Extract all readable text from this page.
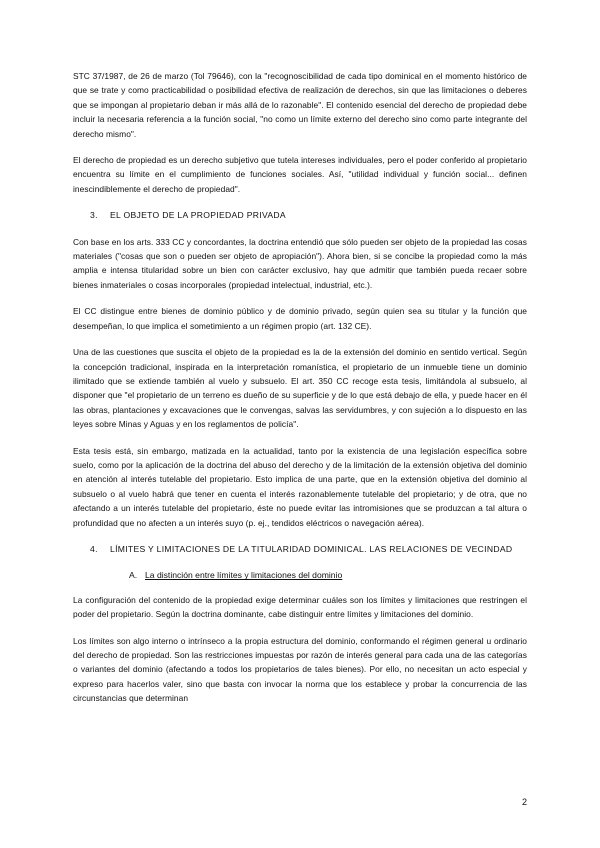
STC 37/1987, de 26 de marzo (Tol 79646), con la "recognoscibilidad de cada tipo dominical en el momento histórico de que se trate y como practicabilidad o posibilidad efectiva de realización de derechos, sin que las limitaciones o deberes que se impongan al propietario deban ir más allá de lo razonable". El contenido esencial del derecho de propiedad debe incluir la necesaria referencia a la función social, "no como un límite externo del derecho sino como parte integrante del derecho mismo".

El derecho de propiedad es un derecho subjetivo que tutela intereses individuales, pero el poder conferido al propietario encuentra su límite en el cumplimiento de funciones sociales. Así, "utilidad individual y función social... definen inescindiblemente el derecho de propiedad".

3.	EL OBJETO DE LA PROPIEDAD PRIVADA

Con base en los arts. 333 CC y concordantes, la doctrina entendió que sólo pueden ser objeto de la propiedad las cosas materiales ("cosas que son o pueden ser objeto de apropiación"). Ahora bien, si se concibe la propiedad como la más amplia e intensa titularidad sobre un bien con carácter exclusivo, hay que admitir que también pueda recaer sobre bienes inmateriales o cosas incorporales (propiedad intelectual, industrial, etc.).

El CC distingue entre bienes de dominio público y de dominio privado, según quien sea su titular y la función que desempeñan, lo que implica el sometimiento a un régimen propio (art. 132 CE).

Una de las cuestiones que suscita el objeto de la propiedad es la de la extensión del dominio en sentido vertical. Según la concepción tradicional, inspirada en la interpretación romanística, el propietario de un inmueble tiene un dominio ilimitado que se extiende también al vuelo y subsuelo. El art. 350 CC recoge esta tesis, limitándola al subsuelo, al disponer que "el propietario de un terreno es dueño de su superficie y de lo que está debajo de ella, y puede hacer en él las obras, plantaciones y excavaciones que le convengas, salvas las servidumbres, y con sujeción a lo dispuesto en las leyes sobre Minas y Aguas y en los reglamentos de policía".

Esta tesis está, sin embargo, matizada en la actualidad, tanto por la existencia de una legislación específica sobre suelo, como por la aplicación de la doctrina del abuso del derecho y de la limitación de la extensión objetiva del dominio en atención al interés tutelable del propietario. Esto implica de una parte, que en la extensión objetiva del dominio al subsuelo o al vuelo habrá que tener en cuenta el interés razonablemente tutelable del propietario; y de otra, que no afectando a un interés tutelable del propietario, éste no puede evitar las intromisiones que se produzcan a tal altura o profundidad que no afecten a un interés suyo (p. ej., tendidos eléctricos o navegación aérea).

4.	LÍMITES Y LIMITACIONES DE LA TITULARIDAD DOMINICAL. LAS RELACIONES DE VECINDAD
A. La distinción entre límites y limitaciones del dominio

La configuración del contenido de la propiedad exige determinar cuáles son los límites y limitaciones que restringen el poder del propietario. Según la doctrina dominante, cabe distinguir entre límites y limitaciones del dominio.

Los límites son algo interno o intrínseco a la propia estructura del dominio, conformando el régimen general u ordinario del derecho de propiedad. Son las restricciones impuestas por razón de interés general para cada una de las categorías o variantes del dominio (afectando a todos los propietarios de tales bienes). Por ello, no necesitan un acto especial y expreso para hacerlos valer, sino que basta con invocar la norma que los establece y probar la concurrencia de las circunstancias que determinan

2
